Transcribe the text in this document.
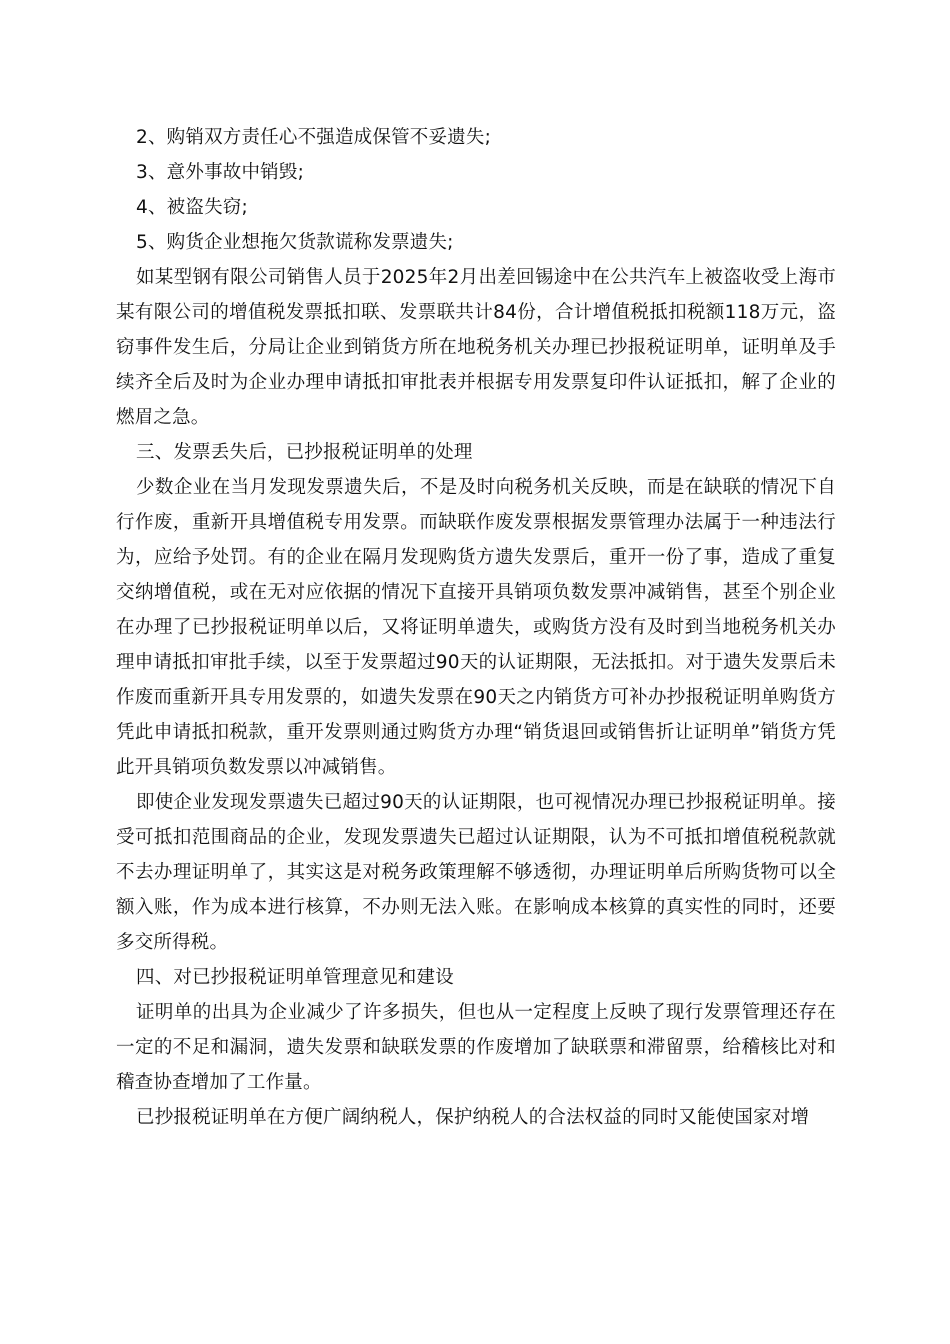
2、购销双方责任心不强造成保管不妥遗失;

3、意外事故中销毁;

4、被盗失窃;

5、购货企业想拖欠货款谎称发票遗失;

如某型钢有限公司销售人员于2025年2月出差回锡途中在公共汽车上被盗收受上海市某有限公司的增值税发票抵扣联、发票联共计84份，合计增值税抵扣税额118万元，盗窃事件发生后，分局让企业到销货方所在地税务机关办理已抄报税证明单，证明单及手续齐全后及时为企业办理申请抵扣审批表并根据专用发票复印件认证抵扣，解了企业的燃眉之急。

三、发票丢失后，已抄报税证明单的处理

少数企业在当月发现发票遗失后，不是及时向税务机关反映，而是在缺联的情况下自行作废，重新开具增值税专用发票。而缺联作废发票根据发票管理办法属于一种违法行为，应给予处罚。有的企业在隔月发现购货方遗失发票后，重开一份了事，造成了重复交纳增值税，或在无对应依据的情况下直接开具销项负数发票冲减销售，甚至个别企业在办理了已抄报税证明单以后，又将证明单遗失，或购货方没有及时到当地税务机关办理申请抵扣审批手续，以至于发票超过90天的认证期限，无法抵扣。对于遗失发票后未作废而重新开具专用发票的，如遗失发票在90天之内销货方可补办抄报税证明单购货方凭此申请抵扣税款，重开发票则通过购货方办理“销货退回或销售折让证明单”销货方凭此开具销项负数发票以冲减销售。

即使企业发现发票遗失已超过90天的认证期限，也可视情况办理已抄报税证明单。接受可抵扣范围商品的企业，发现发票遗失已超过认证期限，认为不可抵扣增值税税款就不去办理证明单了，其实这是对税务政策理解不够透彻，办理证明单后所购货物可以全额入账，作为成本进行核算，不办则无法入账。在影响成本核算的真实性的同时，还要多交所得税。

四、对已抄报税证明单管理意见和建设

证明单的出具为企业减少了许多损失，但也从一定程度上反映了现行发票管理还存在一定的不足和漏洞，遗失发票和缺联发票的作废增加了缺联票和滞留票，给稽核比对和稽查协查增加了工作量。

已抄报税证明单在方便广阔纳税人，保护纳税人的合法权益的同时又能使国家对增
